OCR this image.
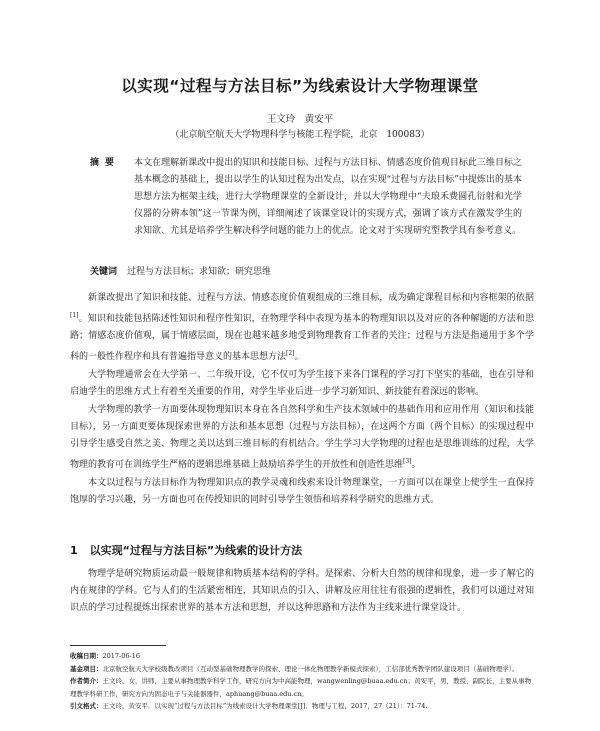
以实现“过程与方法目标”为线索设计大学物理课堂
王文玲　黄安平
（北京航空航天大学物理科学与核能工程学院，北京　100083）
摘要 本文在理解新课改中提出的知识和技能目标、过程与方法目标、情感态度价值观目标此三维目标之基本概念的基础上，提出以学生的认知过程为出发点，以在实现“过程与方法目标”中提炼出的基本思想方法为框架主线，进行大学物理课堂的全新设计，并以大学物理中“夫琅禾费圆孔衍射和光学仪器的分辨本领”这一节课为例，详细阐述了该课堂设计的实现方式，强调了该方式在激发学生的求知欲、尤其是培养学生解决科学问题的能力上的优点。论文对于实现研究型教学具有参考意义。
关键词 过程与方法目标；求知欲；研究思维

新课改提出了知识和技能、过程与方法、情感态度价值观组成的三维目标，成为确定课程目标和内容框架的依据[1]。知识和技能包括陈述性知识和程序性知识，在物理学科中表现为基本的物理知识以及对应的各种解题的方法和思路；情感态度价值观，属于情感层面，现在也越来越多地受到物理教育工作者的关注；过程与方法是指通用于多个学科的一般性作程序和具有普遍指导意义的基本思想方法[2]。

大学物理通常会在大学第一、二年级开设，它不仅可为学生接下来各门课程的学习打下坚实的基础，也在引导和启迪学生的思维方式上有着至关重要的作用，对学生毕业后进一步学习新知识、新技能有着深远的影响。

大学物理的教学一方面要体现物理知识本身在各自然科学和生产技术领域中的基础作用和应用作用（知识和技能目标），另一方面更要体现探索世界的方法和基本思想（过程与方法目标），在这两个方面（两个目标）的实现过程中引导学生感受自然之美、物理之美以达到三维目标的有机结合。学生学习大学物理的过程也是思维训练的过程，大学物理的教育可在训练学生严格的逻辑思维基础上鼓励培养学生的开放性和创造性思维[3]。

本文以过程与方法目标作为物理知识点的教学灵魂和线索来设计物理课堂，一方面可以在课堂上使学生一直保持饱厚的学习兴趣，另一方面也可在传授知识的同时引导学生领悟和培养科学研究的思维方式。

1 以实现“过程与方法目标”为线索的设计方法

物理学是研究物质运动最一般规律和物质基本结构的学科。是探索、分析大自然的规律和现象，进一步了解它的内在规律的学科。它与人们的生活紧密相连，其知识点的引入、讲解及应用往往有很强的逻辑性，我们可以通过对知识点的学习过程提炼出探索世界的基本方法和思想，并以这种思路和方法作为主线来进行课堂设计。

收稿日期：2017-06-16
基金项目：北京航空航天大学校级教改项目（互动型基础物理教学的探索、理论一体化物理教学新模式探索），工信部优秀教学团队建设项目（基础物理学）。
作者简介：王文玲，女，讲师，主要从事物理教学科学工作，研究方向为中高能物理，wangwenling@buaa.edu.cn；黄安平，男，教授，副院长，主要从事物理教学科研工作，研究方向为固态电子与关能器器件，aphuang@buaa.edu.cn。
引文格式：王文玲，黄安平．以实现“过程与方法目标”为线索设计大学物理课堂[J]．物理与工程，2017，27（21）：71-74.
